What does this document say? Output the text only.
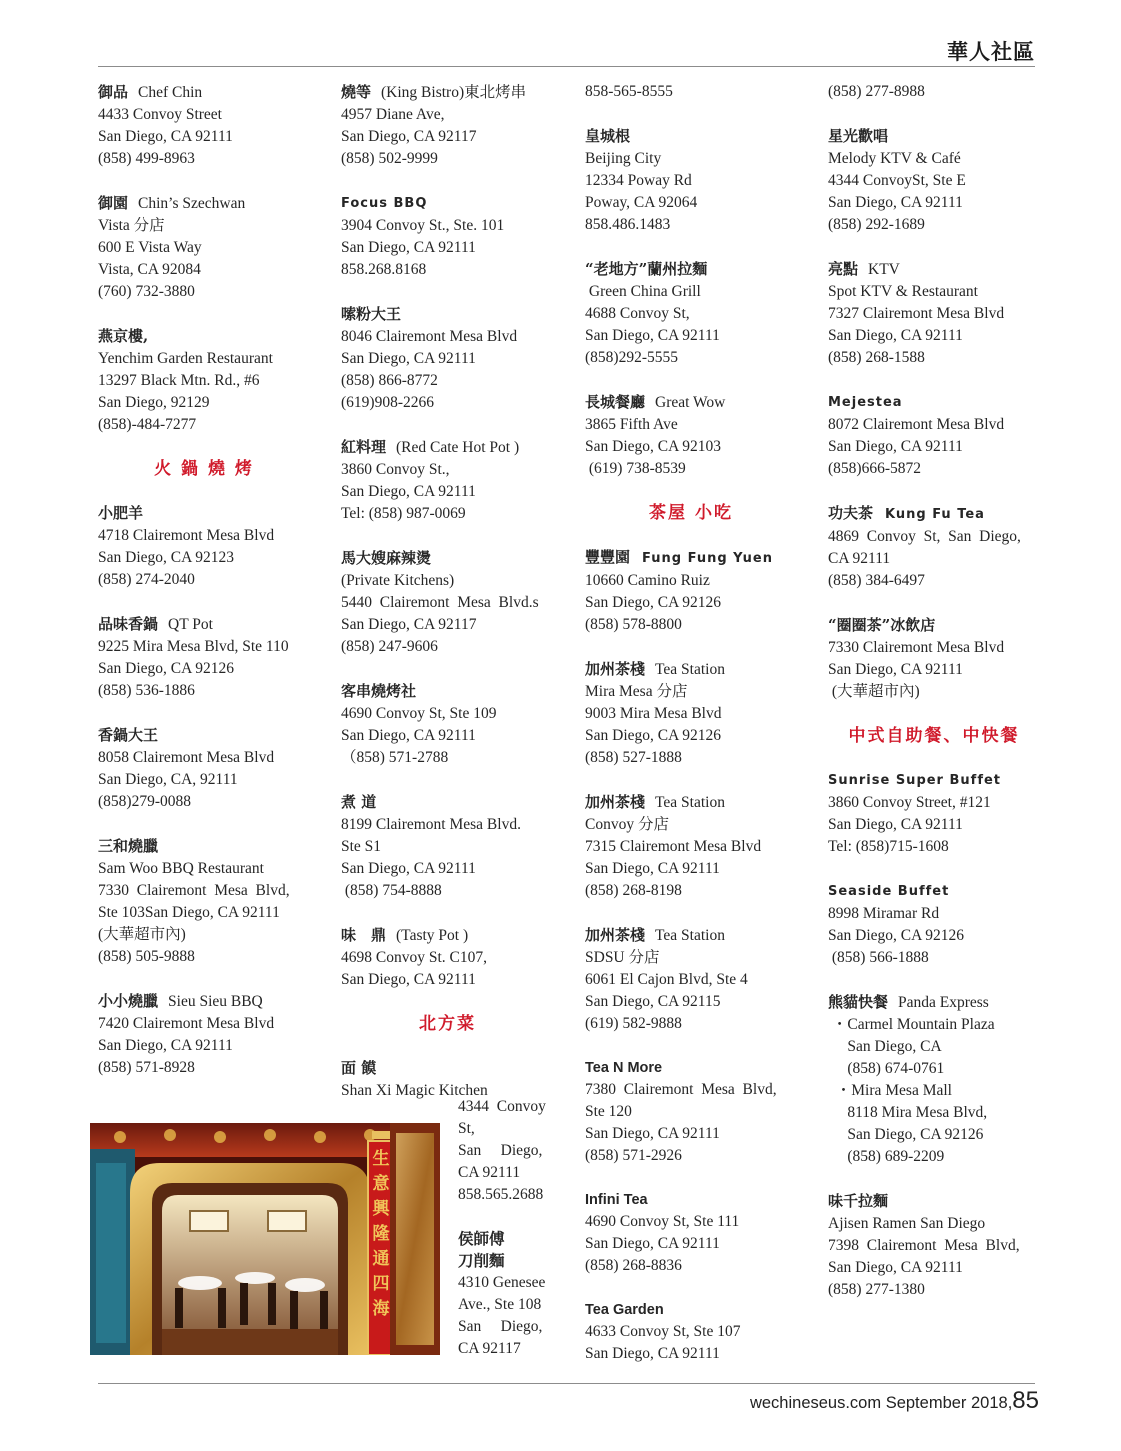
華人社區
御品 Chef Chin

4433 Convoy Street

San Diego, CA 92111

(858) 499-8963

御園 Chin’s Szechwan

Vista 分店

600 E Vista Way

Vista, CA 92084

(760) 732-3880

燕京樓,

Yenchim Garden Restaurant

13297 Black Mtn. Rd., #6

San Diego, 92129

(858)-484-7277

火 鍋 燒 烤
小肥羊

4718 Clairemont Mesa Blvd

San Diego, CA 92123

(858) 274-2040

品味香鍋 QT Pot

9225 Mira Mesa Blvd, Ste 110

San Diego, CA 92126

(858) 536-1886

香鍋大王

8058 Clairemont Mesa Blvd

San Diego, CA, 92111

(858)279-0088

三和燒臘

Sam Woo BBQ Restaurant

7330  Clairemont  Mesa  Blvd,

Ste 103San Diego, CA 92111

(大華超市內)

(858) 505-9888

小小燒臘 Sieu Sieu BBQ

7420 Clairemont Mesa Blvd

San Diego, CA 92111

(858) 571-8928

燒等 (King Bistro)東北烤串

4957 Diane Ave,

San Diego, CA 92117

(858) 502-9999

Focus BBQ

3904 Convoy St., Ste. 101

San Diego, CA 92111

858.268.8168

嗦粉大王

8046 Clairemont Mesa Blvd

San Diego, CA 92111

(858) 866-8772

(619)908-2266

紅料理 (Red Cate Hot Pot )

3860 Convoy St.,

San Diego, CA 92111

Tel: (858) 987-0069

馬大嫂麻辣燙

(Private Kitchens)

5440  Clairemont  Mesa  Blvd.s

San Diego, CA 92117

(858) 247-9606

客串燒烤社

4690 Convoy St, Ste 109

San Diego, CA 92111

（858) 571-2788

煮 道

8199 Clairemont Mesa Blvd.

Ste S1

San Diego, CA 92111

(858) 754-8888

味　鼎 (Tasty Pot )

4698 Convoy St. C107,

San Diego, CA 92111

北方菜
面 饃

Shan Xi Magic Kitchen

858-565-8555

皇城根

Beijing City

12334 Poway Rd

Poway, CA 92064

858.486.1483

“老地方”蘭州拉麵

Green China Grill

4688 Convoy St,

San Diego, CA 92111

(858)292-5555

長城餐廳 Great Wow

3865 Fifth Ave

San Diego, CA 92103

(619) 738-8539

茶屋 小吃
豐豐園 Fung Fung Yuen

10660 Camino Ruiz

San Diego, CA 92126

(858) 578-8800

加州茶棧 Tea Station

Mira Mesa 分店

9003 Mira Mesa Blvd

San Diego, CA 92126

(858) 527-1888

加州茶棧 Tea Station

Convoy 分店

7315 Clairemont Mesa Blvd

San Diego, CA 92111

(858) 268-8198

加州茶棧 Tea Station

SDSU 分店

6061 El Cajon Blvd, Ste 4

San Diego, CA 92115

(619) 582-9888

Tea N More

7380  Clairemont  Mesa  Blvd,

Ste 120

San Diego, CA 92111

(858) 571-2926

Infini Tea

4690 Convoy St, Ste 111

San Diego, CA 92111

(858) 268-8836

Tea Garden

4633 Convoy St, Ste 107

San Diego, CA 92111

(858) 277-8988

星光歡唱

Melody KTV & Café

4344 ConvoySt, Ste E

San Diego, CA 92111

(858) 292-1689

亮點 KTV

Spot KTV & Restaurant

7327 Clairemont Mesa Blvd

San Diego, CA 92111

(858) 268-1588

Mejestea

8072 Clairemont Mesa Blvd

San Diego, CA 92111

(858)666-5872

功夫茶 Kung Fu Tea

4869  Convoy  St,  San  Diego,

CA 92111

(858) 384-6497

“圈圈茶”冰飲店

7330 Clairemont Mesa Blvd

San Diego, CA 92111

(大華超市內)

中式自助餐、中快餐
Sunrise Super Buffet

3860 Convoy Street, #121

San Diego, CA 92111

Tel: (858)715-1608

Seaside Buffet

8998 Miramar Rd

San Diego, CA 92126

(858) 566-1888

熊貓快餐 Panda Express

・Carmel Mountain Plaza

San Diego, CA

(858) 674-0761

・Mira Mesa Mall

8118 Mira Mesa Blvd,

San Diego, CA 92126

(858) 689-2209

味千拉麵

Ajisen Ramen San Diego

7398  Clairemont  Mesa  Blvd,

San Diego, CA 92111

(858) 277-1380

生意興隆通四海

4344  Convoy

St,

San     Diego,

CA 92111

858.565.2688

侯師傅

刀削麵

4310 Genesee

Ave., Ste 108

San     Diego,

CA 92117

wechineseus.com September 2018,85
